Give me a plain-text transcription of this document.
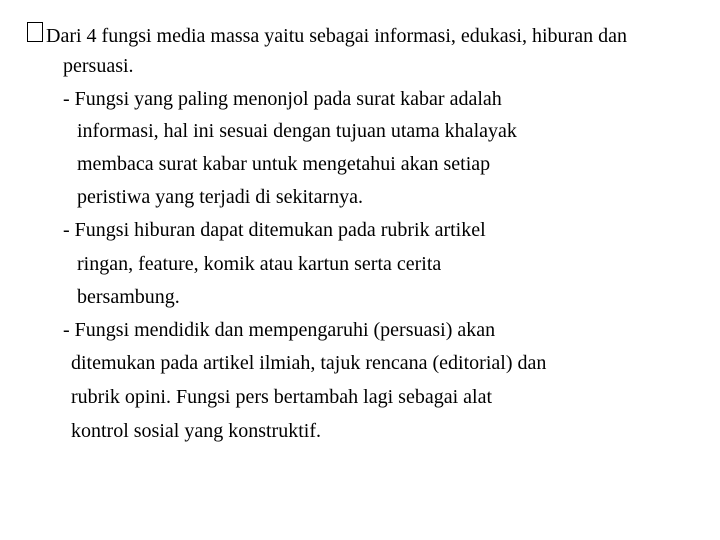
Dari 4 fungsi media massa yaitu sebagai informasi, edukasi, hiburan dan

persuasi.

- Fungsi yang paling menonjol pada surat kabar adalah

informasi, hal ini sesuai dengan tujuan utama khalayak

membaca surat kabar untuk mengetahui akan setiap

peristiwa yang terjadi di sekitarnya.

- Fungsi hiburan dapat ditemukan pada rubrik artikel

ringan, feature, komik atau kartun serta cerita

bersambung.

- Fungsi mendidik dan mempengaruhi (persuasi) akan

ditemukan pada artikel ilmiah, tajuk rencana (editorial) dan

rubrik opini. Fungsi pers bertambah lagi sebagai alat

kontrol sosial yang konstruktif.
